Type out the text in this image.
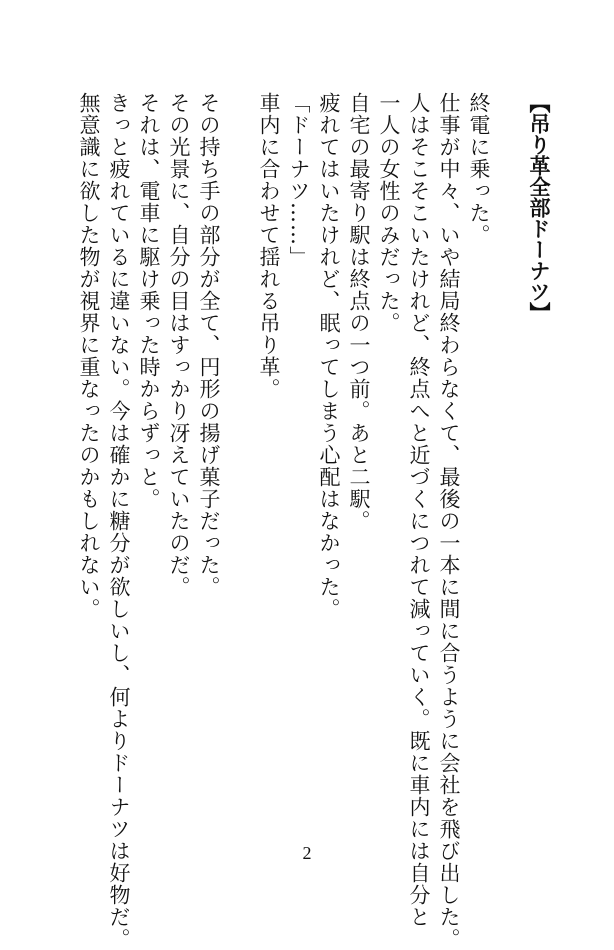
【吊り革全部ドーナツ】
終電に乗った。
仕事が中々、いや結局終わらなくて、最後の一本に間に合うように会社を飛び出した。
人はそこそこいたけれど、終点へと近づくにつれて減っていく。既に車内には自分と
一人の女性のみだった。
自宅の最寄り駅は終点の一つ前。あと二駅。
疲れてはいたけれど、眠ってしまう心配はなかった。
「ドーナツ……」
車内に合わせて揺れる吊り革。
その持ち手の部分が全て、円形の揚げ菓子だった。
その光景に、自分の目はすっかり冴えていたのだ。
それは、電車に駆け乗った時からずっと。
きっと疲れているに違いない。今は確かに糖分が欲しいし、何よりドーナツは好物だ。
無意識に欲した物が視界に重なったのかもしれない。
2
